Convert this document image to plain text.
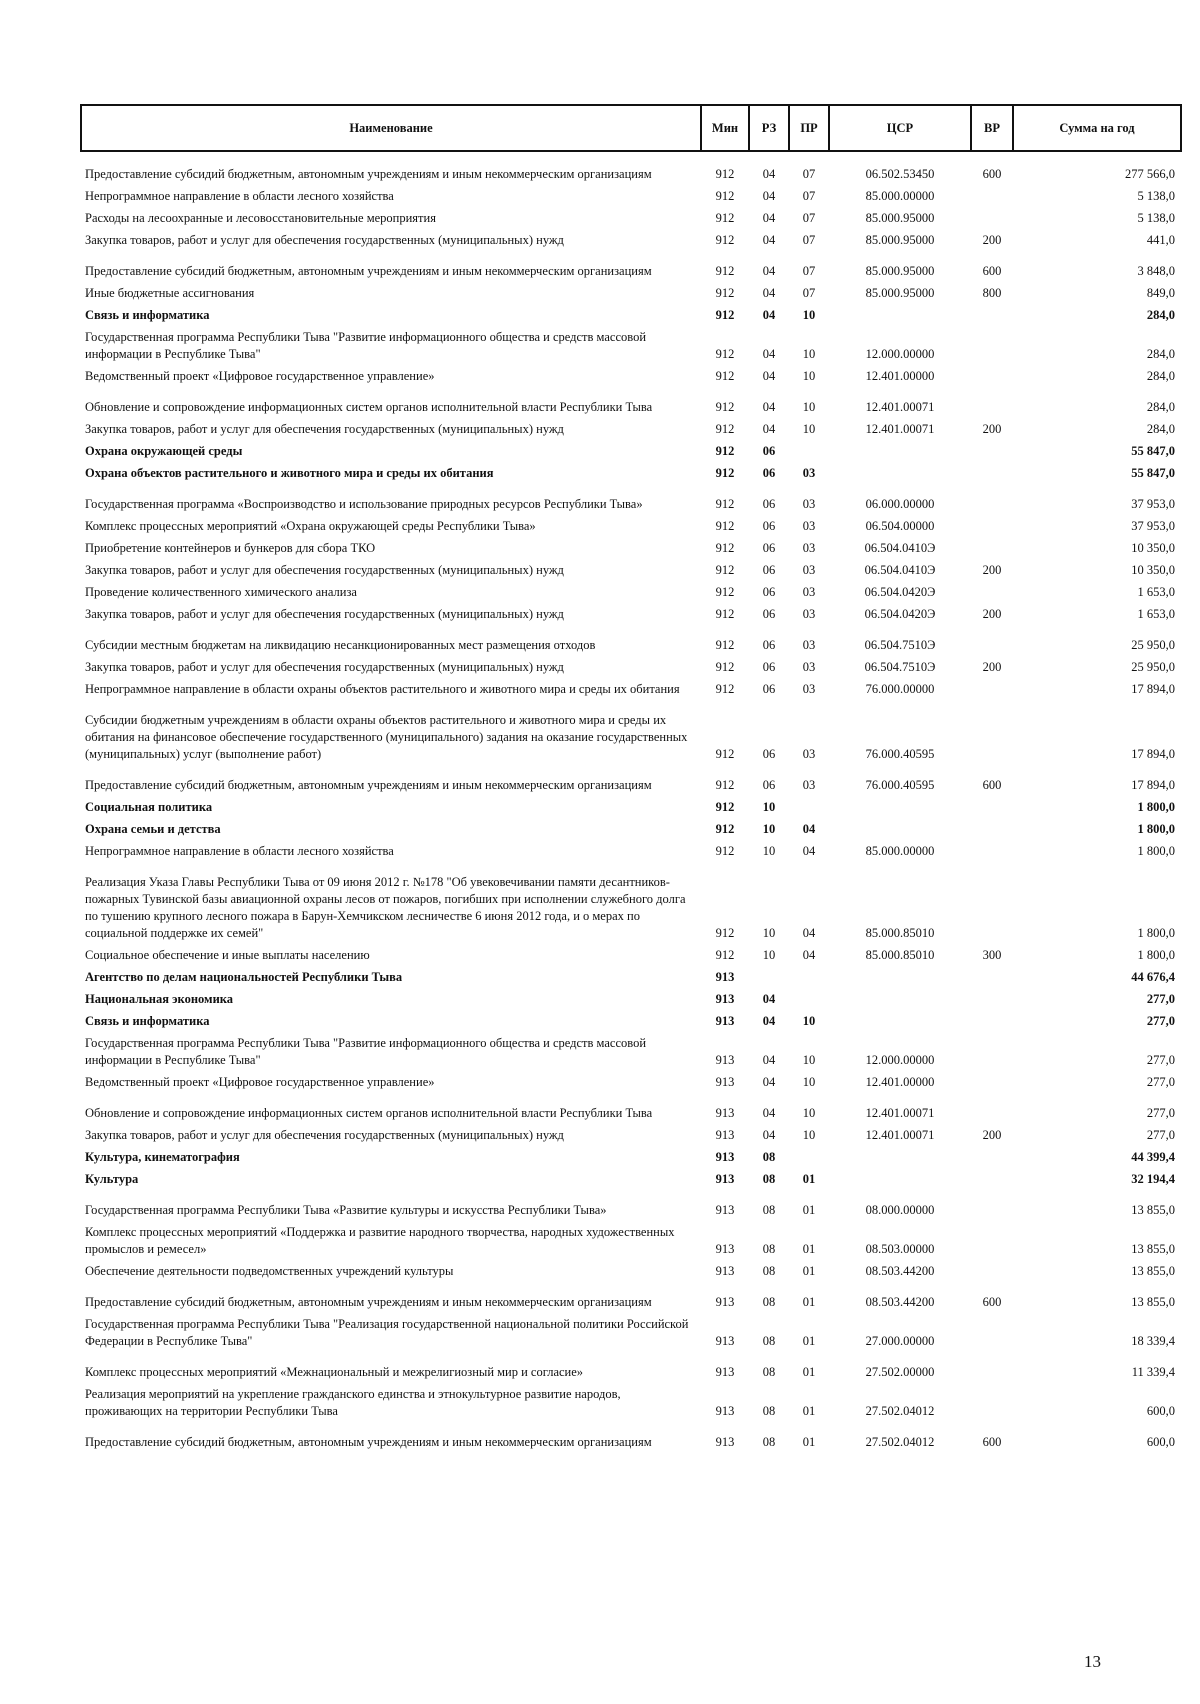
Наименование	Мин	РЗ	ПР	ЦСР	ВР	Сумма на год
Предоставление субсидий бюджетным, автономным учреждениям и иным некоммерческим организациям	912	04	07	06.502.53450	600	277 566,0
Непрограммное направление в области лесного хозяйства	912	04	07	85.000.00000		5 138,0
Расходы на лесоохранные и лесовосстановительные мероприятия	912	04	07	85.000.95000		5 138,0
Закупка товаров, работ и услуг для обеспечения государственных (муниципальных) нужд	912	04	07	85.000.95000	200	441,0
Предоставление субсидий бюджетным, автономным учреждениям и иным некоммерческим организациям	912	04	07	85.000.95000	600	3 848,0
Иные бюджетные ассигнования	912	04	07	85.000.95000	800	849,0
Связь и информатика	912	04	10			284,0
Государственная программа Республики Тыва "Развитие информационного общества и средств массовой информации в Республике Тыва"	912	04	10	12.000.00000		284,0
Ведомственный проект «Цифровое государственное управление»	912	04	10	12.401.00000		284,0
Обновление и сопровождение информационных систем органов исполнительной власти Республики Тыва	912	04	10	12.401.00071		284,0
Закупка товаров, работ и услуг для обеспечения государственных (муниципальных) нужд	912	04	10	12.401.00071	200	284,0
Охрана окружающей среды	912	06				55 847,0
Охрана объектов растительного и животного мира и среды их обитания	912	06	03			55 847,0
Государственная программа «Воспроизводство и использование природных ресурсов Республики Тыва»	912	06	03	06.000.00000		37 953,0
Комплекс процессных мероприятий «Охрана окружающей среды Республики Тыва»	912	06	03	06.504.00000		37 953,0
Приобретение контейнеров и бункеров для сбора ТКО	912	06	03	06.504.0410Э		10 350,0
Закупка товаров, работ и услуг для обеспечения государственных (муниципальных) нужд	912	06	03	06.504.0410Э	200	10 350,0
Проведение количественного химического анализа	912	06	03	06.504.0420Э		1 653,0
Закупка товаров, работ и услуг для обеспечения государственных (муниципальных) нужд	912	06	03	06.504.0420Э	200	1 653,0
Субсидии местным бюджетам на ликвидацию несанкционированных мест размещения отходов	912	06	03	06.504.7510Э		25 950,0
Закупка товаров, работ и услуг для обеспечения государственных (муниципальных) нужд	912	06	03	06.504.7510Э	200	25 950,0
Непрограммное направление в области охраны объектов растительного и животного мира и среды их обитания	912	06	03	76.000.00000		17 894,0
Субсидии бюджетным учреждениям в области охраны объектов растительного и животного мира и среды их обитания на финансовое обеспечение государственного (муниципального) задания на оказание государственных (муниципальных) услуг (выполнение работ)	912	06	03	76.000.40595		17 894,0
Предоставление субсидий бюджетным, автономным учреждениям и иным некоммерческим организациям	912	06	03	76.000.40595	600	17 894,0
Социальная политика	912	10				1 800,0
Охрана семьи и детства	912	10	04			1 800,0
Непрограммное направление в области лесного хозяйства	912	10	04	85.000.00000		1 800,0
Реализация Указа Главы Республики Тыва от 09 июня 2012 г. №178 "Об увековечивании памяти десантников-пожарных Тувинской базы авиационной охраны лесов от пожаров, погибших при исполнении служебного долга по тушению крупного лесного пожара в Барун-Хемчикском лесничестве 6 июня 2012 года, и о мерах по социальной поддержке их семей"	912	10	04	85.000.85010		1 800,0
Социальное обеспечение и иные выплаты населению	912	10	04	85.000.85010	300	1 800,0
Агентство по делам национальностей Республики Тыва	913					44 676,4
Национальная экономика	913	04				277,0
Связь и информатика	913	04	10			277,0
Государственная программа Республики Тыва "Развитие информационного общества и средств массовой информации в Республике Тыва"	913	04	10	12.000.00000		277,0
Ведомственный проект «Цифровое государственное управление»	913	04	10	12.401.00000		277,0
Обновление и сопровождение информационных систем органов исполнительной власти Республики Тыва	913	04	10	12.401.00071		277,0
Закупка товаров, работ и услуг для обеспечения государственных (муниципальных) нужд	913	04	10	12.401.00071	200	277,0
Культура, кинематография	913	08				44 399,4
Культура	913	08	01			32 194,4
Государственная программа Республики Тыва «Развитие культуры и искусства Республики Тыва»	913	08	01	08.000.00000		13 855,0
Комплекс процессных мероприятий «Поддержка и развитие народного творчества, народных художественных промыслов и ремесел»	913	08	01	08.503.00000		13 855,0
Обеспечение деятельности подведомственных учреждений культуры	913	08	01	08.503.44200		13 855,0
Предоставление субсидий бюджетным, автономным учреждениям и иным некоммерческим организациям	913	08	01	08.503.44200	600	13 855,0
Государственная программа Республики Тыва "Реализация государственной национальной политики Российской Федерации в Республике Тыва"	913	08	01	27.000.00000		18 339,4
Комплекс процессных мероприятий «Межнациональный и межрелигиозный мир и согласие»	913	08	01	27.502.00000		11 339,4
Реализация мероприятий на укрепление гражданского единства и этнокультурное развитие народов, проживающих на территории Республики Тыва	913	08	01	27.502.04012		600,0
Предоставление субсидий бюджетным, автономным учреждениям и иным некоммерческим организациям	913	08	01	27.502.04012	600	600,0
13
